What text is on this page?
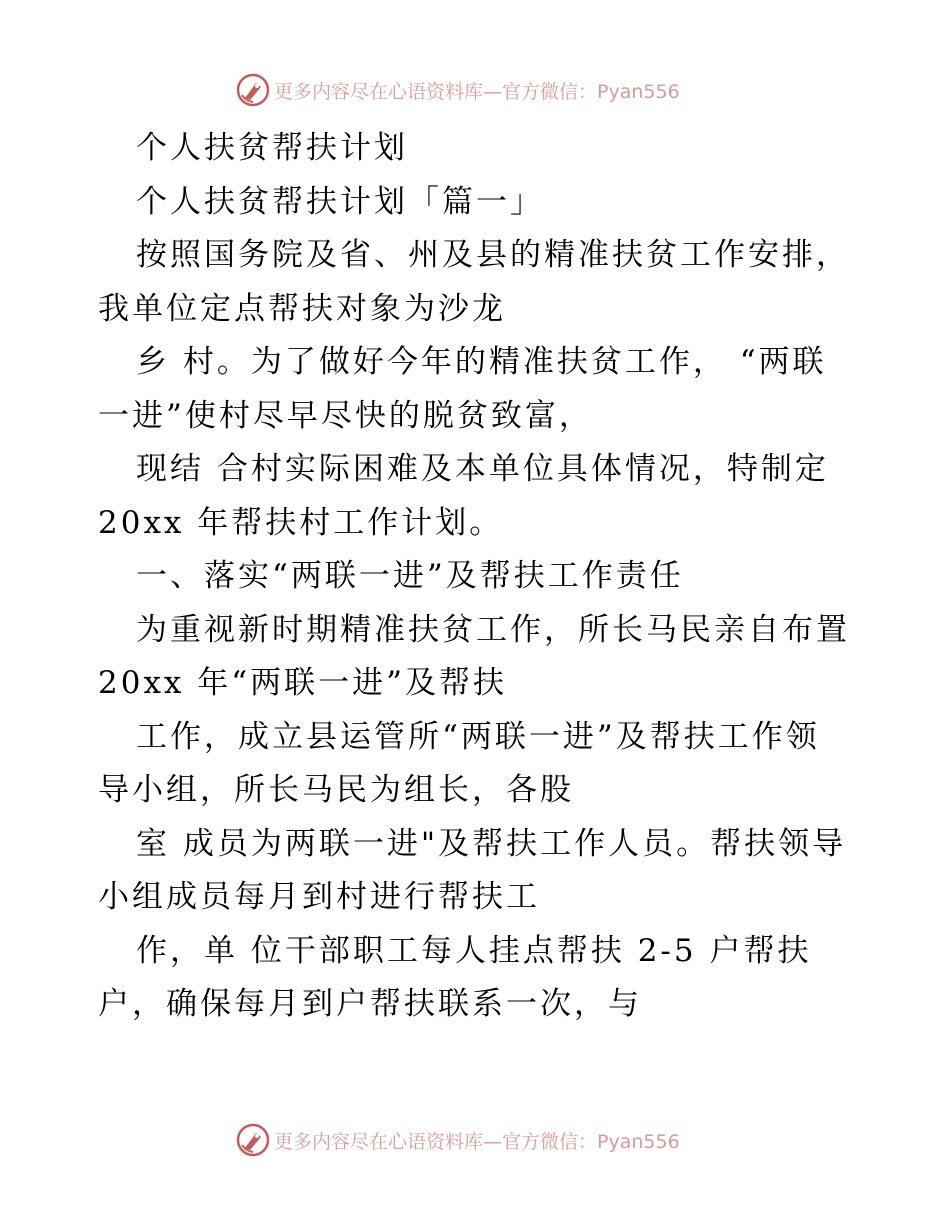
更多内容尽在心语资料库—官方微信：Pyan556
个人扶贫帮扶计划
个人扶贫帮扶计划「篇一」
按照国务院及省、州及县的精准扶贫工作安排，
我单位定点帮扶对象为沙龙
乡 村。为了做好今年的精准扶贫工作， “两联
一进”使村尽早尽快的脱贫致富，
现结 合村实际困难及本单位具体情况，特制定
20xx 年帮扶村工作计划。
一、落实“两联一进”及帮扶工作责任
为重视新时期精准扶贫工作，所长马民亲自布置
20xx 年“两联一进”及帮扶
工作，成立县运管所“两联一进”及帮扶工作领
导小组，所长马民为组长，各股
室 成员为两联一进"及帮扶工作人员。帮扶领导
小组成员每月到村进行帮扶工
作，单 位干部职工每人挂点帮扶 2-5 户帮扶
户，确保每月到户帮扶联系一次，与
更多内容尽在心语资料库—官方微信：Pyan556
